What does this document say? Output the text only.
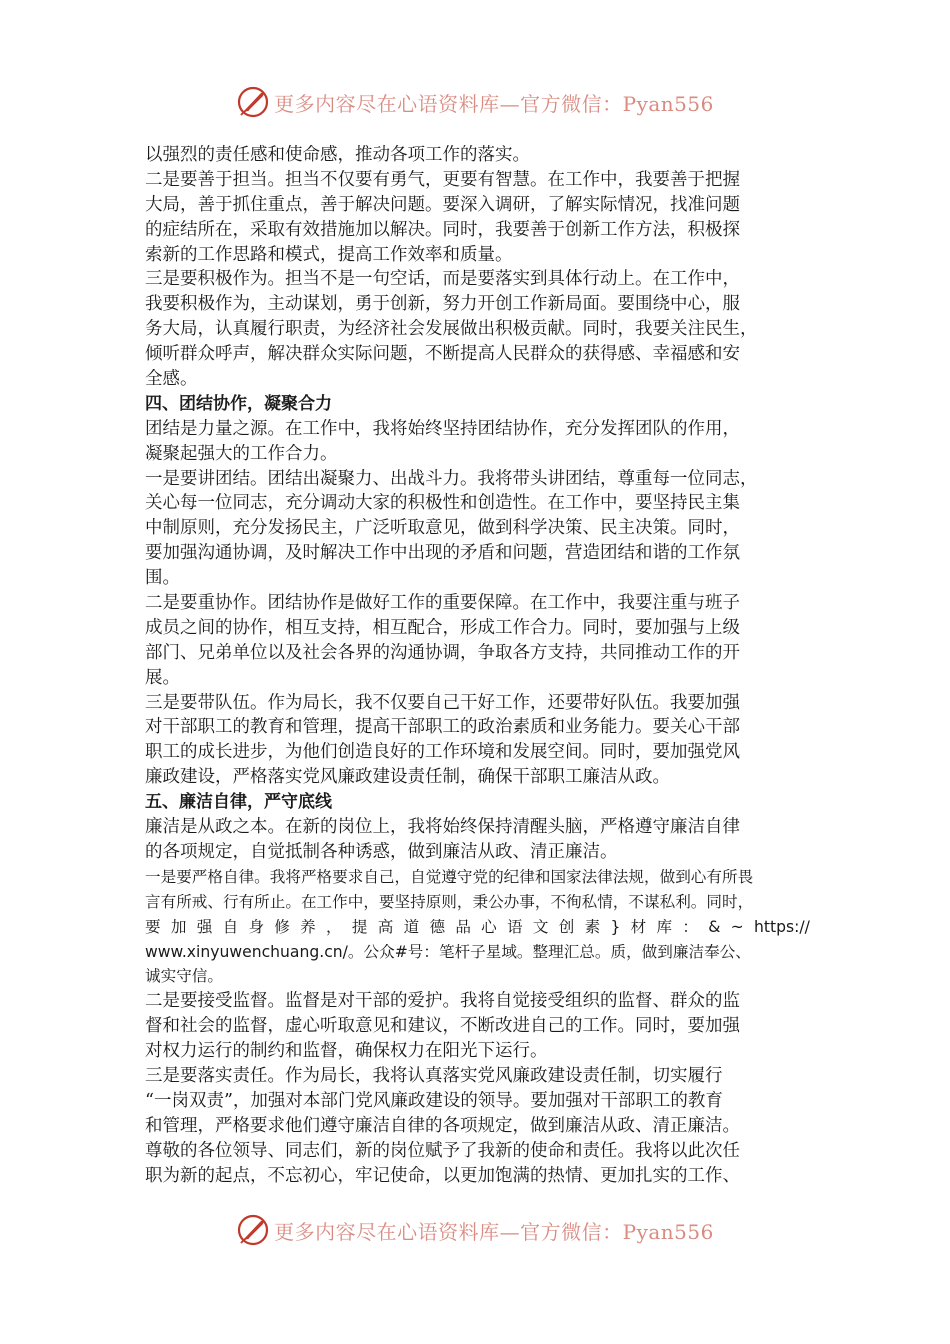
更多内容尽在心语资料库—官方微信：Pyan556
以强烈的责任感和使命感，推动各项工作的落实。
二是要善于担当。担当不仅要有勇气，更要有智慧。在工作中，我要善于把握
大局，善于抓住重点，善于解决问题。要深入调研，了解实际情况，找准问题
的症结所在，采取有效措施加以解决。同时，我要善于创新工作方法，积极探
索新的工作思路和模式，提高工作效率和质量。
三是要积极作为。担当不是一句空话，而是要落实到具体行动上。在工作中，
我要积极作为，主动谋划，勇于创新，努力开创工作新局面。要围绕中心，服
务大局，认真履行职责，为经济社会发展做出积极贡献。同时，我要关注民生，
倾听群众呼声，解决群众实际问题，不断提高人民群众的获得感、幸福感和安
全感。
四、团结协作，凝聚合力
团结是力量之源。在工作中，我将始终坚持团结协作，充分发挥团队的作用，
凝聚起强大的工作合力。
一是要讲团结。团结出凝聚力、出战斗力。我将带头讲团结，尊重每一位同志，
关心每一位同志，充分调动大家的积极性和创造性。在工作中，要坚持民主集
中制原则，充分发扬民主，广泛听取意见，做到科学决策、民主决策。同时，
要加强沟通协调，及时解决工作中出现的矛盾和问题，营造团结和谐的工作氛
围。
二是要重协作。团结协作是做好工作的重要保障。在工作中，我要注重与班子
成员之间的协作，相互支持，相互配合，形成工作合力。同时，要加强与上级
部门、兄弟单位以及社会各界的沟通协调，争取各方支持，共同推动工作的开
展。
三是要带队伍。作为局长，我不仅要自己干好工作，还要带好队伍。我要加强
对干部职工的教育和管理，提高干部职工的政治素质和业务能力。要关心干部
职工的成长进步，为他们创造良好的工作环境和发展空间。同时，要加强党风
廉政建设，严格落实党风廉政建设责任制，确保干部职工廉洁从政。
五、廉洁自律，严守底线
廉洁是从政之本。在新的岗位上，我将始终保持清醒头脑，严格遵守廉洁自律
的各项规定，自觉抵制各种诱惑，做到廉洁从政、清正廉洁。
一是要严格自律。我将严格要求自己，自觉遵守党的纪律和国家法律法规，做到心有所畏
言有所戒、行有所止。在工作中，要坚持原则，秉公办事，不徇私情，不谋私利。同时，
要 加 强 自 身 修 养 ， 提 高 道 德 品 心 语 文 创 素 } 材 库 ： & ~ https://
www.xinyuwenchuang.cn/。公众#号：笔杆子星域。整理汇总。质，做到廉洁奉公、
诚实守信。
二是要接受监督。监督是对干部的爱护。我将自觉接受组织的监督、群众的监
督和社会的监督，虚心听取意见和建议，不断改进自己的工作。同时，要加强
对权力运行的制约和监督，确保权力在阳光下运行。
三是要落实责任。作为局长，我将认真落实党风廉政建设责任制，切实履行
“一岗双责”，加强对本部门党风廉政建设的领导。要加强对干部职工的教育
和管理，严格要求他们遵守廉洁自律的各项规定，做到廉洁从政、清正廉洁。
尊敬的各位领导、同志们，新的岗位赋予了我新的使命和责任。我将以此次任
职为新的起点，不忘初心，牢记使命，以更加饱满的热情、更加扎实的工作、
更多内容尽在心语资料库—官方微信：Pyan556
